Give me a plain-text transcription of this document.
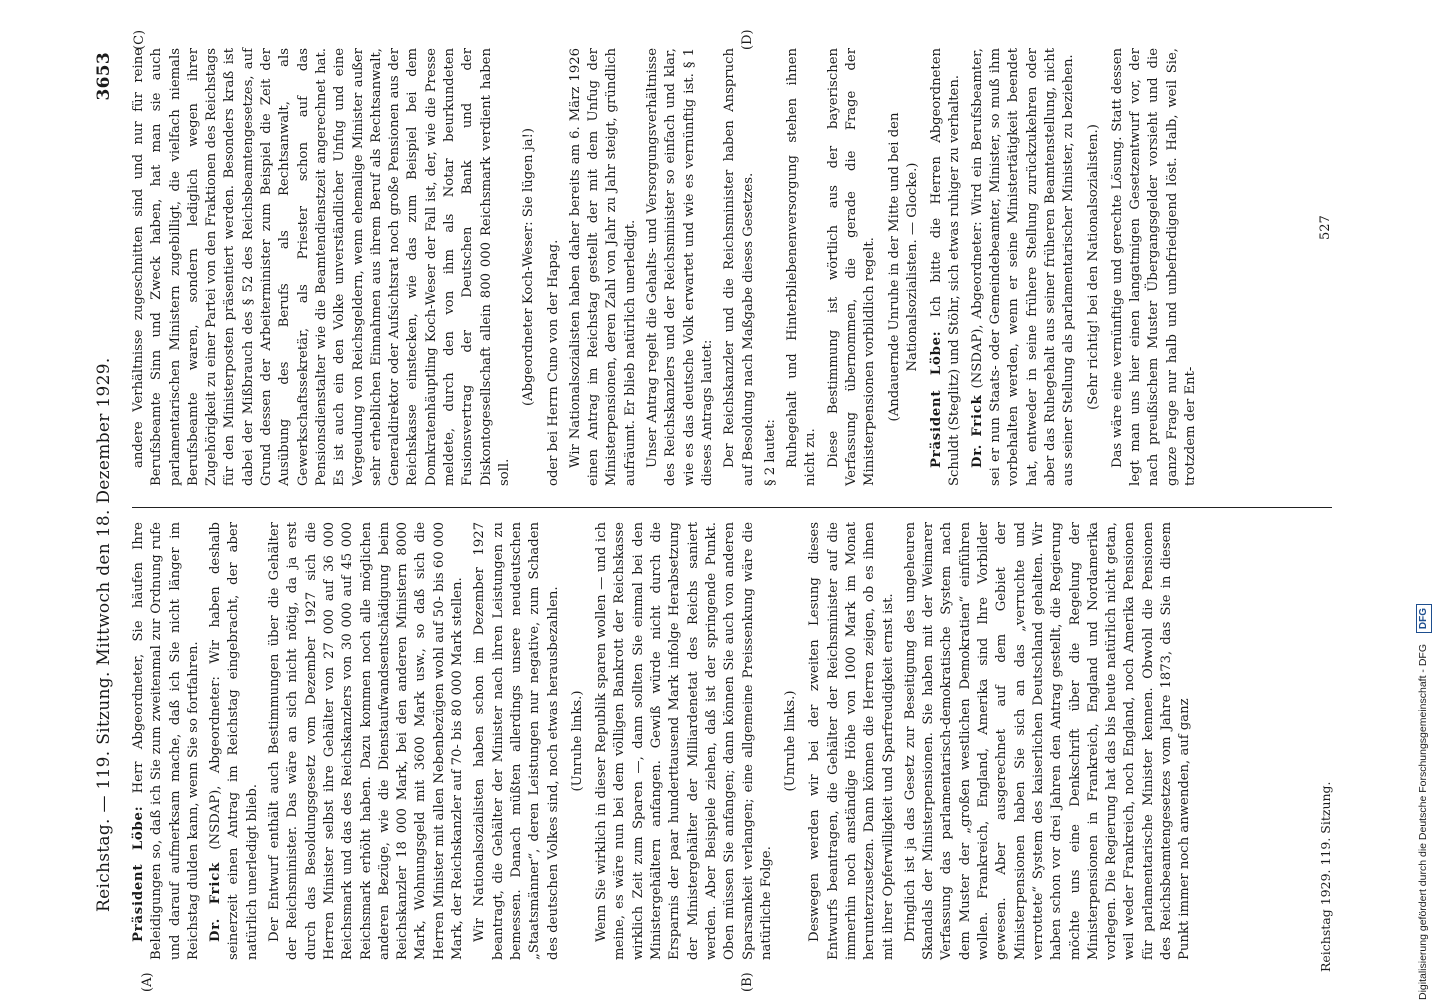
Reichstag. — 119. Sitzung. Mittwoch den 18. Dezember 1929.
3653
(A)	(B)
(C)	(D)

Präsident Löbe: Herr Abgeordneter, Sie häufen Ihre Beleidigungen so, daß ich Sie zum zweitenmal zur Ordnung rufe und darauf aufmerksam mache, daß ich Sie nicht länger im Reichstag dulden kann, wenn Sie so fortfahren. Dr. Frick (NSDAP), Abgeordneter: Wir haben deshalb seinerzeit einen Antrag im Reichstag eingebracht, der aber natürlich unerledigt blieb. Der Entwurf enthält auch Bestimmungen über die Gehälter der Reichsminister. Das wäre an sich nicht nötig, da ja erst durch das Besoldungsgesetz vom Dezember 1927 sich die Herren Minister selbst ihre Gehälter von 27 000 auf 36 000 Reichsmark und das des Reichskanzlers von 30 000 auf 45 000 Reichsmark erhöht haben. Dazu kommen noch alle möglichen anderen Bezüge, wie die Dienstaufwandsentschädigung beim Reichskanzler 18 000 Mark, bei den anderen Ministern 8000 Mark, Wohnungsgeld mit 3600 Mark usw., so daß sich die Herren Minister mit allen Nebenbezügen wohl auf 50- bis 60 000 Mark, der Reichskanzler auf 70- bis 80 000 Mark stellen. Wir Nationalsozialisten haben schon im Dezember 1927 beantragt, die Gehälter der Minister nach ihren Leistungen zu bemessen. Danach müßten allerdings unsere neudeutschen „Staatsmänner“, deren Leistungen nur negative, zum Schaden des deutschen Volkes sind, noch etwas herausbezahlen. (Unruhe links.) Wenn Sie wirklich in dieser Republik sparen wollen — und ich meine, es wäre nun bei dem völligen Bankrott der Reichskasse wirklich Zeit zum Sparen —, dann sollten Sie einmal bei den Ministergehältern anfangen. Gewiß würde nicht durch die Ersparnis der paar hunderttausend Mark infolge Herabsetzung der Ministergehälter der Milliardenetat des Reichs saniert werden. Aber Beispiele ziehen, daß ist der springende Punkt. Oben müssen Sie anfangen; dann können Sie auch von anderen Sparsamkeit verlangen; eine allgemeine Preissenkung wäre die natürliche Folge.

(Unruhe links.) Deswegen werden wir bei der zweiten Lesung dieses Entwurfs beantragen, die Gehälter der Reichsminister auf die immerhin noch anständige Höhe von 1000 Mark im Monat herunterzusetzen. Dann können die Herren zeigen, ob es ihnen mit ihrer Opferwilligkeit und Sparfreudigkeit ernst ist. Dringlich ist ja das Gesetz zur Beseitigung des ungeheuren Skandals der Ministerpensionen. Sie haben mit der Weimarer Verfassung das parlamentarisch-demokratische System nach dem Muster der „großen westlichen Demokratien“ einführen wollen. Frankreich, England, Amerika sind Ihre Vorbilder gewesen. Aber ausgerechnet auf dem Gebiet der Ministerpensionen haben Sie sich an das „verruchte und verrottete“ System des kaiserlichen Deutschland gehalten. Wir haben schon vor drei Jahren den Antrag gestellt, die Regierung möchte uns eine Denkschrift über die Regelung der Ministerpensionen in Frankreich, England und Nordamerika vorlegen. Die Regierung hat das bis heute natürlich nicht getan, weil weder Frankreich, noch England, noch Amerika Pensionen für parlamentarische Minister kennen. Obwohl die Pensionen des Reichsbeamtengesetzes vom Jahre 1873, das Sie in diesem Punkt immer noch anwenden, auf ganz

andere Verhältnisse zugeschnitten sind und nur für reine Berufsbeamte Sinn und Zweck haben, hat man sie auch parlamentarischen Ministern zugebilligt, die vielfach niemals Berufsbeamte waren, sondern lediglich wegen ihrer Zugehörigkeit zu einer Partei von den Fraktionen des Reichstags für den Ministerposten präsentiert werden. Besonders kraß ist dabei der Mißbrauch des § 52 des Reichsbeamtengesetzes, auf Grund dessen der Arbeiterminister zum Beispiel die Zeit der Ausübung des Berufs als Rechtsanwalt, als Gewerkschaftssekretär, als Priester schon auf das Pensionsdienstalter wie die Beamtendienstzeit angerechnet hat. Es ist auch ein den Volke unverständlicher Unfug und eine Vergeudung von Reichsgeldern, wenn ehemalige Minister außer sehr erheblichen Einnahmen aus ihrem Beruf als Rechtsanwalt, Generaldirektor oder Aufsichtsrat noch große Pensionen aus der Reichskasse einstecken, wie das zum Beispiel bei dem Domkratenhäuptling Koch-Weser der Fall ist, der, wie die Presse meldete, durch den von ihm als Notar beurkundeten Fusionsvertrag der Deutschen Bank und der Diskontogesellschaft allein 800 000 Reichsmark verdient haben soll.

(Abgeordneter Koch-Weser: Sie lügen ja!) oder bei Herrn Cuno von der Hapag. Wir Nationalsozialisten haben daher bereits am 6. März 1926 einen Antrag im Reichstag gestellt der mit dem Unfug der Ministerpensionen, deren Zahl von Jahr zu Jahr steigt, gründlich aufräumt. Er blieb natürlich unerledigt. Unser Antrag regelt die Gehalts- und Versorgungsverhältnisse des Reichskanzlers und der Reichsminister so einfach und klar, wie es das deutsche Volk erwartet und wie es vernünftig ist. § 1 dieses Antrags lautet: Der Reichskanzler und die Reichsminister haben Anspruch auf Besoldung nach Maßgabe dieses Gesetzes. § 2 lautet: Ruhegehalt und Hinterbliebenenversorgung stehen ihnen nicht zu. Diese Bestimmung ist wörtlich aus der bayerischen Verfassung übernommen, die gerade die Frage der Ministerpensionen vorbildlich regelt. (Andauernde Unruhe in der Mitte und bei den Nationalsozialisten. — Glocke.)

Präsident Löbe: Ich bitte die Herren Abgeordneten Schuldt (Steglitz) und Stöhr, sich etwas ruhiger zu verhalten. Dr. Frick (NSDAP), Abgeordneter: Wird ein Berufsbeamter, sei er nun Staats- oder Gemeindebeamter, Minister, so muß ihm vorbehalten werden, wenn er seine Ministertätigkeit beendet hat, entweder in seine frühere Stellung zurückzukehren oder aber das Ruhegehalt aus seiner früheren Beamtenstellung, nicht aus seiner Stellung als parlamentarischer Minister, zu beziehen. (Sehr richtig! bei den Nationalsozialisten.) Das wäre eine vernünftige und gerechte Lösung. Statt dessen legt man uns hier einen langatmigen Gesetzentwurf vor, der nach preußischem Muster Übergangsgelder vorsieht und die ganze Frage nur halb und unbefriedigend löst. Halb, weil Sie, trotzdem der Ent-

Reichstag 1929. 119. Sitzung.
527
Digitalisierung gefördert durch die Deutsche Forschungsgemeinschaft - DFG DFG
